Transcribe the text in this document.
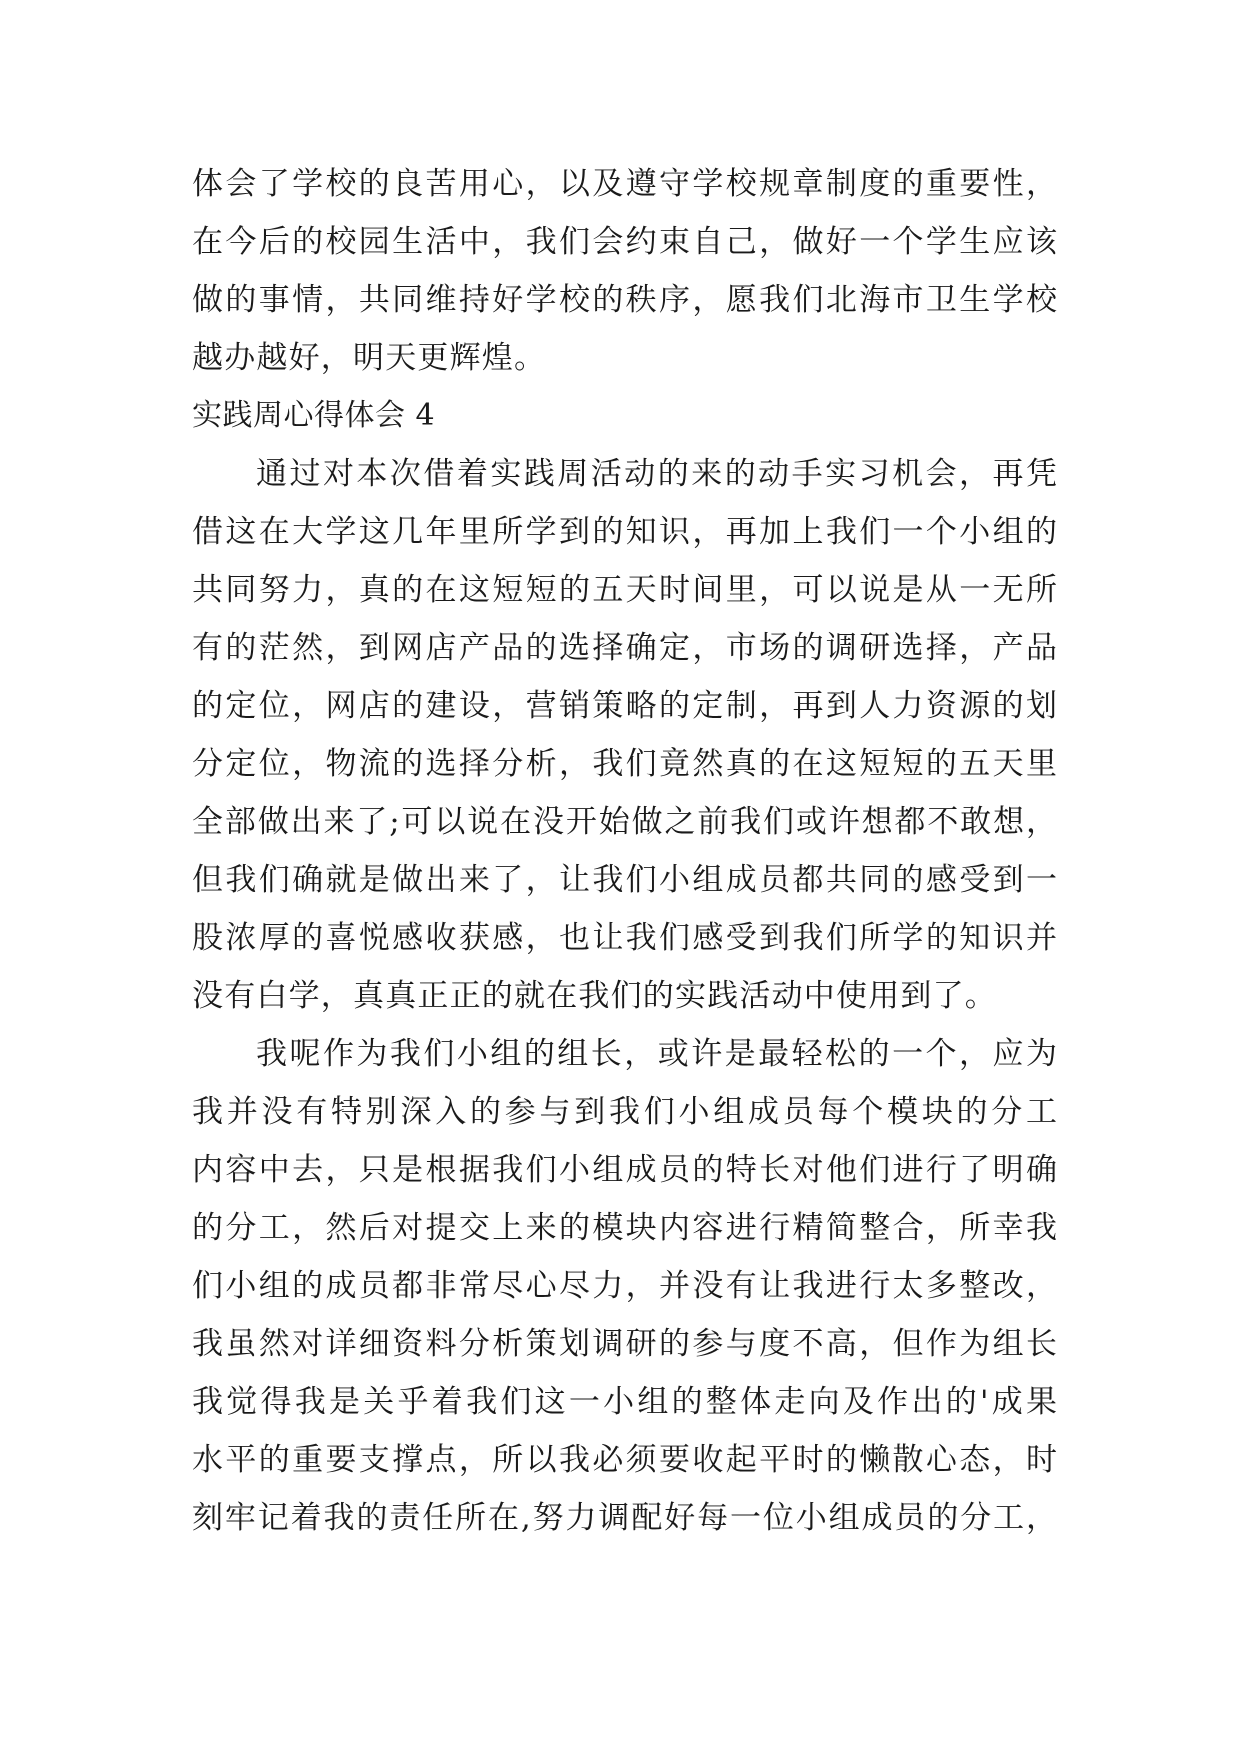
体会了学校的良苦用心，以及遵守学校规章制度的重要性，
在今后的校园生活中，我们会约束自己，做好一个学生应该
做的事情，共同维持好学校的秩序，愿我们北海市卫生学校
越办越好，明天更辉煌。
实践周心得体会 4
通过对本次借着实践周活动的来的动手实习机会，再凭
借这在大学这几年里所学到的知识，再加上我们一个小组的
共同努力，真的在这短短的五天时间里，可以说是从一无所
有的茫然，到网店产品的选择确定，市场的调研选择，产品
的定位，网店的建设，营销策略的定制，再到人力资源的划
分定位，物流的选择分析，我们竟然真的在这短短的五天里
全部做出来了;可以说在没开始做之前我们或许想都不敢想，
但我们确就是做出来了，让我们小组成员都共同的感受到一
股浓厚的喜悦感收获感，也让我们感受到我们所学的知识并
没有白学，真真正正的就在我们的实践活动中使用到了。
我呢作为我们小组的组长，或许是最轻松的一个，应为
我并没有特别深入的参与到我们小组成员每个模块的分工
内容中去，只是根据我们小组成员的特长对他们进行了明确
的分工，然后对提交上来的模块内容进行精简整合，所幸我
们小组的成员都非常尽心尽力，并没有让我进行太多整改，
我虽然对详细资料分析策划调研的参与度不高，但作为组长
我觉得我是关乎着我们这一小组的整体走向及作出的'成果
水平的重要支撑点，所以我必须要收起平时的懒散心态，时
刻牢记着我的责任所在,努力调配好每一位小组成员的分工，
